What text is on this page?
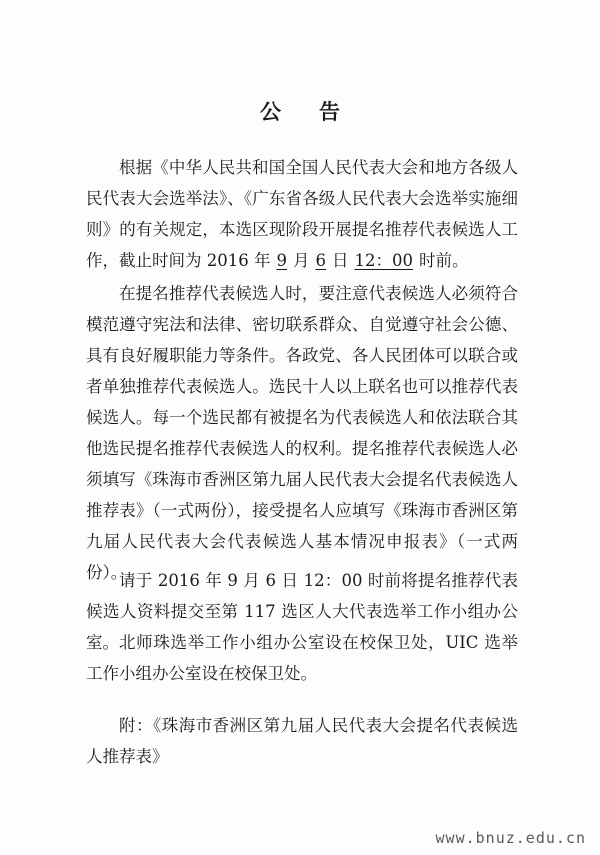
公告

根据《中华人民共和国全国人民代表大会和地方各级人民代表大会选举法》、《广东省各级人民代表大会选举实施细则》的有关规定，本选区现阶段开展提名推荐代表候选人工作，截止时间为 2016 年 9 月 6 日 12：00 时前。

在提名推荐代表候选人时，要注意代表候选人必须符合模范遵守宪法和法律、密切联系群众、自觉遵守社会公德、具有良好履职能力等条件。各政党、各人民团体可以联合或者单独推荐代表候选人。选民十人以上联名也可以推荐代表候选人。每一个选民都有被提名为代表候选人和依法联合其他选民提名推荐代表候选人的权利。提名推荐代表候选人必须填写《珠海市香洲区第九届人民代表大会提名代表候选人推荐表》（一式两份），接受提名人应填写《珠海市香洲区第九届人民代表大会代表候选人基本情况申报表》（一式两份）。

请于 2016 年 9 月 6 日 12：00 时前将提名推荐代表候选人资料提交至第 117 选区人大代表选举工作小组办公室。 北师珠选举工作小组办公室设在校保卫处，UIC 选举工作小组办公室设在校保卫处。

附：《珠海市香洲区第九届人民代表大会提名代表候选人推荐表》

www.bnuz.edu.cn
